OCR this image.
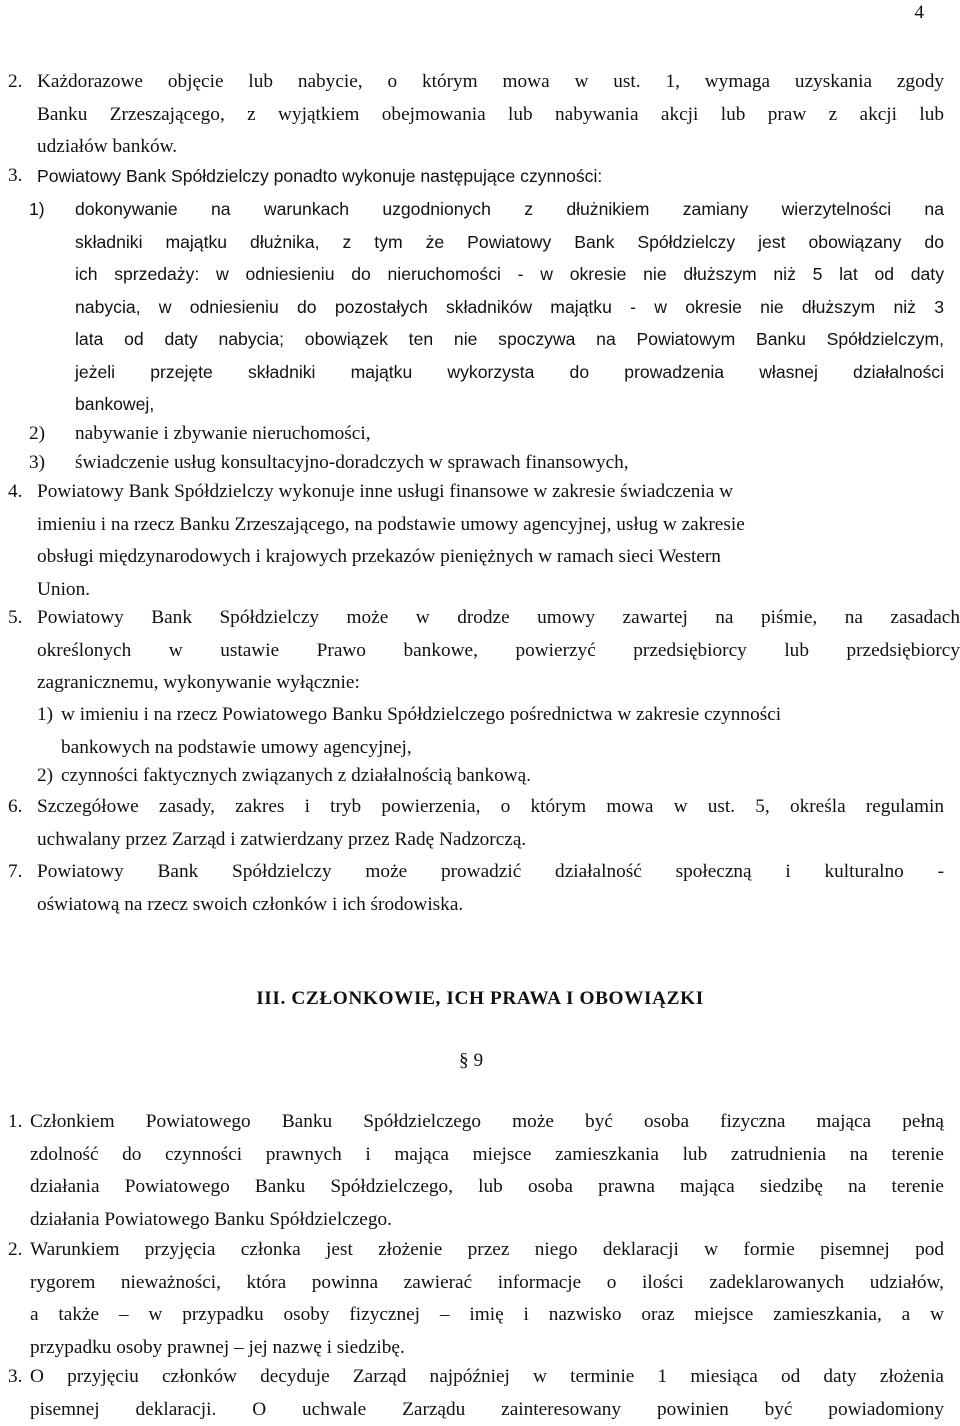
4
2. Każdorazowe objęcie lub nabycie, o którym mowa w ust. 1, wymaga uzyskania zgody
Banku Zrzeszającego, z wyjątkiem obejmowania lub nabywania akcji lub praw z akcji lub
udziałów banków.
3. Powiatowy Bank Spółdzielczy ponadto wykonuje następujące czynności:
1) dokonywanie na warunkach uzgodnionych z dłużnikiem zamiany wierzytelności na
składniki majątku dłużnika, z tym że Powiatowy Bank Spółdzielczy jest obowiązany do
ich sprzedaży: w odniesieniu do nieruchomości - w okresie nie dłuższym niż 5 lat od daty
nabycia, w odniesieniu do pozostałych składników majątku - w okresie nie dłuższym niż 3
lata od daty nabycia; obowiązek ten nie spoczywa na Powiatowym Banku Spółdzielczym,
jeżeli przejęte składniki majątku wykorzysta do prowadzenia własnej działalności
bankowej,
2) nabywanie i zbywanie nieruchomości,
3) świadczenie usług konsultacyjno-doradczych w sprawach finansowych,
4. Powiatowy Bank Spółdzielczy wykonuje inne usługi finansowe w zakresie świadczenia w
imieniu i na rzecz Banku Zrzeszającego, na podstawie umowy agencyjnej, usług w zakresie
obsługi międzynarodowych i krajowych przekazów pieniężnych w ramach sieci Western
Union.
5. Powiatowy Bank Spółdzielczy może w drodze umowy zawartej na piśmie, na zasadach
określonych w ustawie Prawo bankowe, powierzyć przedsiębiorcy lub przedsiębiorcy
zagranicznemu, wykonywanie wyłącznie:
1) w imieniu i na rzecz Powiatowego Banku Spółdzielczego pośrednictwa w zakresie czynności
bankowych na podstawie umowy agencyjnej,
2) czynności faktycznych związanych z działalnością bankową.
6. Szczegółowe zasady, zakres i tryb powierzenia, o którym mowa w ust. 5, określa regulamin
uchwalany przez Zarząd i zatwierdzany przez Radę Nadzorczą.
7. Powiatowy Bank Spółdzielczy może prowadzić działalność społeczną i kulturalno -
oświatową na rzecz swoich członków i ich środowiska.
III. CZŁONKOWIE, ICH PRAWA I OBOWIĄZKI
§ 9
1. Członkiem Powiatowego Banku Spółdzielczego może być osoba fizyczna mająca pełną
zdolność do czynności prawnych i mająca miejsce zamieszkania lub zatrudnienia na terenie
działania Powiatowego Banku Spółdzielczego, lub osoba prawna mająca siedzibę na terenie
działania Powiatowego Banku Spółdzielczego.
2. Warunkiem przyjęcia członka jest złożenie przez niego deklaracji w formie pisemnej pod
rygorem nieważności, która powinna zawierać informacje o ilości zadeklarowanych udziałów,
a także – w przypadku osoby fizycznej – imię i nazwisko oraz miejsce zamieszkania, a w
przypadku osoby prawnej – jej nazwę i siedzibę.
3. O przyjęciu członków decyduje Zarząd najpóźniej w terminie 1 miesiąca od daty złożenia
pisemnej deklaracji. O uchwale Zarządu zainteresowany powinien być powiadomiony
